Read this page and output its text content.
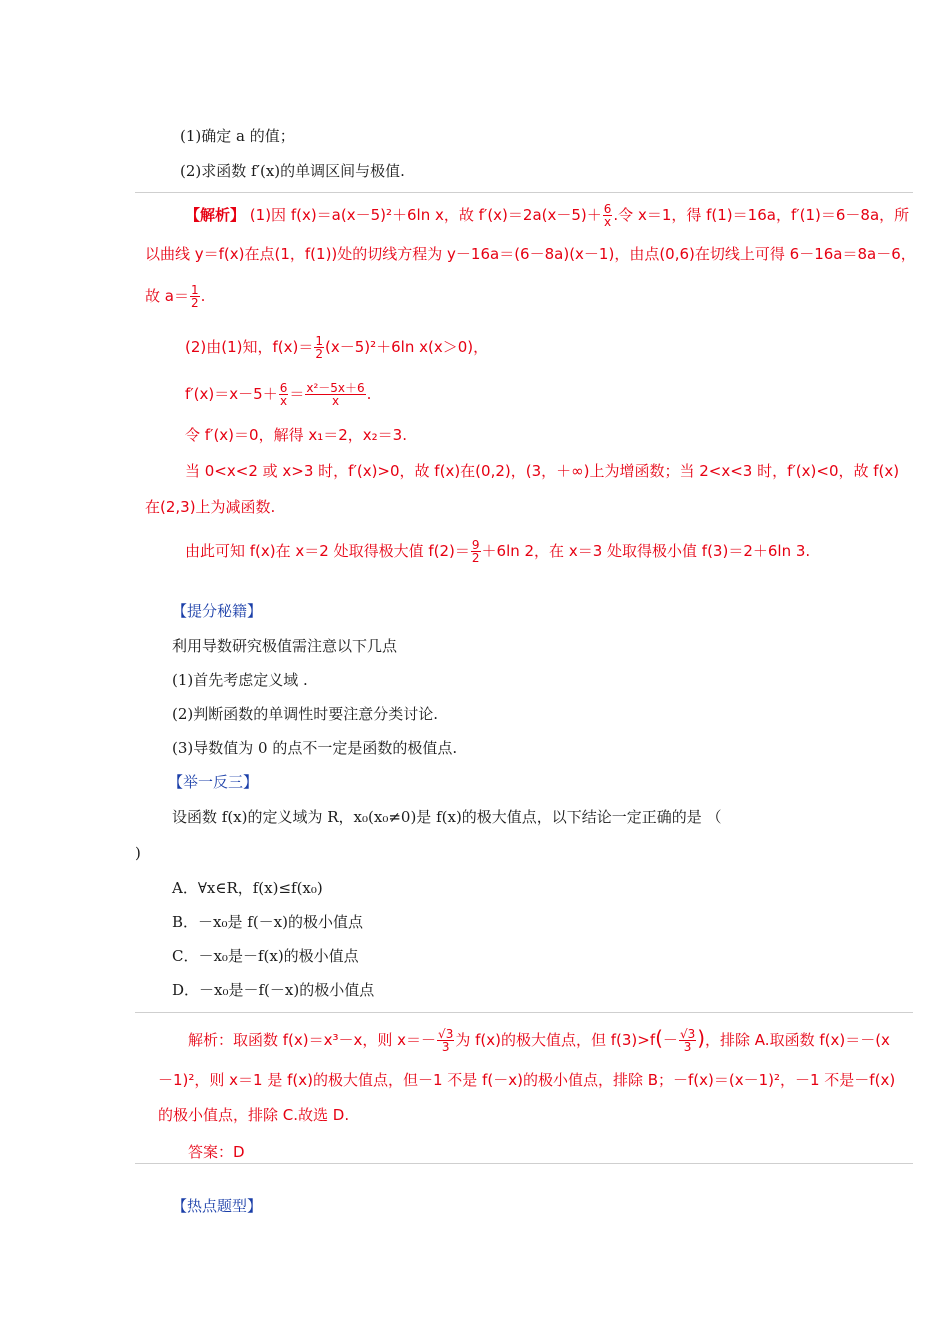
(1)确定 a 的值；
(2)求函数 f′(x)的单调区间与极值.
【解析】 (1)因 f(x)＝a(x－5)²＋6ln x，故 $f'(x)=2a(x-5)+ \frac{6}{x}$ .令 x＝1，得 f(1)＝16a，f′(1)＝6－8a，所
以曲线 y＝f(x)在点(1，f(1))处的切线方程为 y－16a＝(6－8a)(x－1)，由点(0,6)在切线上可得 6－16a＝8a－6，
故 $a= \frac{1}{2}$ .
(2)由(1)知，$f(x)= \frac{1}{2} (x-5)^2+6\ln$ x(x＞0)，
$f'(x)=x-5+ \frac{6}{x} = \frac{\text{x²－5x＋6}}{x}$ .
令 f′(x)＝0，解得 x₁＝2，x₂＝3.
当 0<x<2 或 x>3 时，f′(x)>0，故 f(x)在(0,2)，(3，＋∞)上为增函数；当 2<x<3 时，f′(x)<0，故 f(x)
在(2,3)上为减函数.
由此可知 f(x)在 x＝2 处取得极大值 $f(2)= \frac{9}{2} +6\ln$ 2，在 x＝3 处取得极小值 f(3)＝2＋6ln 3.
【提分秘籍】
利用导数研究极值需注意以下几点
(1)首先考虑定义域 .
(2)判断函数的单调性时要注意分类讨论.
(3)导数值为 0 的点不一定是函数的极值点.
【举一反三】
设函数 f(x)的定义域为 R，x₀(x₀≠0)是 f(x)的极大值点，以下结论一定正确的是 （
)
A．∀x∈R，f(x)≤f(x₀)
B．－x₀是 f(－x)的极小值点
C．－x₀是－f(x)的极小值点
D．－x₀是－f(－x)的极小值点
解析：取函数 f(x)＝x³－x，则 $x=- \frac{√3}{3}$ 为 f(x)的极大值点，但 $f(3)>f(- \frac{√3}{3}$ )，排除 A.取函数 f(x)＝－(x
－1)²，则 x＝1 是 f(x)的极大值点，但－1 不是 f(－x)的极小值点，排除 B；－f(x)＝(x－1)²，－1 不是－f(x)
的极小值点，排除 C.故选 D.
答案：D
【热点题型】
